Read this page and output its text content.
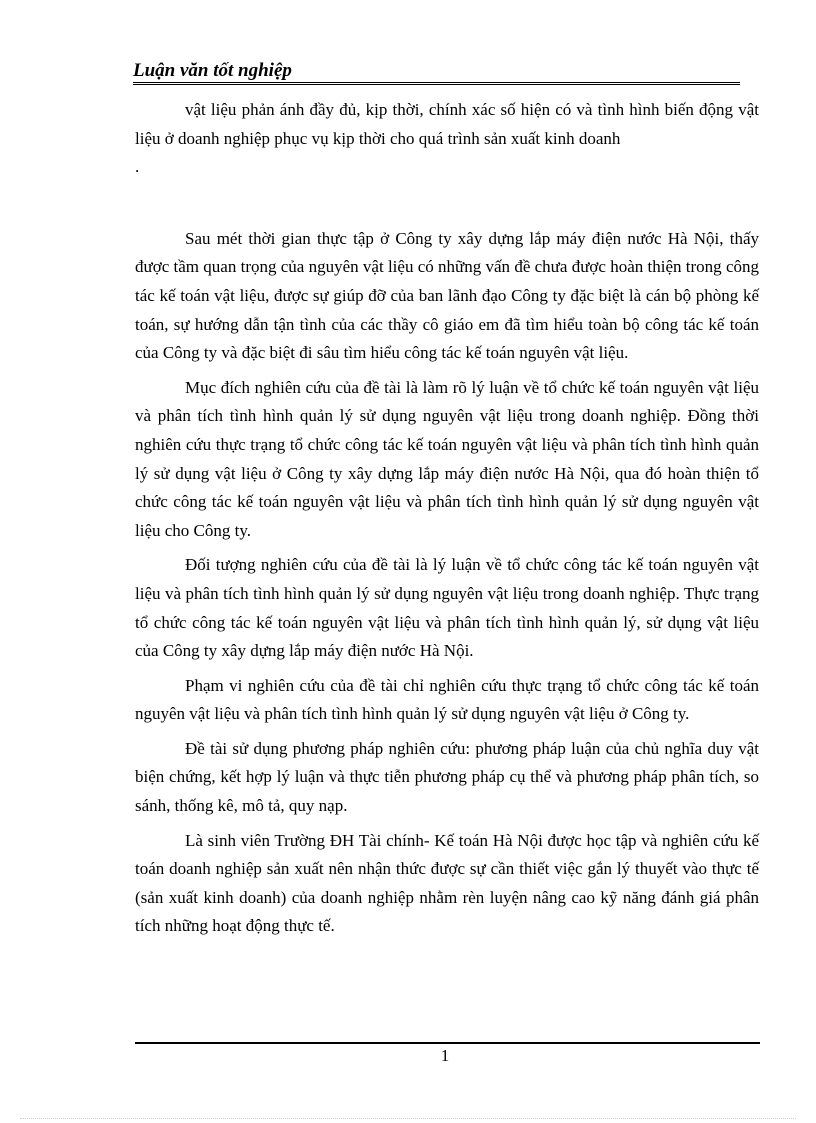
Luận văn tốt nghiệp

vật liệu phản ánh đầy đủ, kịp thời, chính xác số hiện có và tình hình biến động vật liệu ở doanh nghiệp phục vụ kịp thời cho quá trình sản xuất kinh doanh

.

Sau mét thời gian thực tập ở Công ty xây dựng lắp máy điện nước Hà Nội, thấy được tầm quan trọng của nguyên vật liệu có những vấn đề chưa được hoàn thiện trong công tác kế toán vật liệu, được sự giúp đỡ của ban lãnh đạo Công ty đặc biệt là cán bộ phòng kế toán, sự hướng dẫn tận tình của các thầy cô giáo em đã tìm hiểu toàn bộ công tác kế toán của Công ty và đặc biệt đi sâu tìm hiểu công tác kế toán nguyên vật liệu.

Mục đích nghiên cứu của đề tài là làm rõ lý luận về tổ chức kế toán nguyên vật liệu và phân tích tình hình quản lý sử dụng nguyên vật liệu trong doanh nghiệp. Đồng thời nghiên cứu thực trạng tổ chức công tác kế toán nguyên vật liệu và phân tích tình hình quản lý sử dụng vật liệu ở Công ty xây dựng lắp máy điện nước Hà Nội, qua đó hoàn thiện tổ chức công tác kế toán nguyên vật liệu và phân tích tình hình quản lý sử dụng nguyên vật liệu cho Công ty.

Đối tượng nghiên cứu của đề tài là lý luận về tổ chức công tác kế toán nguyên vật liệu và phân tích tình hình quản lý sử dụng nguyên vật liệu trong doanh nghiệp. Thực trạng tổ chức công tác kế toán nguyên vật liệu và phân tích tình hình quản lý, sử dụng vật liệu của Công ty xây dựng lắp máy điện nước Hà Nội.

Phạm vi nghiên cứu của đề tài chỉ nghiên cứu thực trạng tổ chức công tác kế toán nguyên vật liệu và phân tích tình hình quản lý sử dụng nguyên vật liệu ở Công ty.

Đề tài sử dụng phương pháp nghiên cứu: phương pháp luận của chủ nghĩa duy vật biện chứng, kết hợp lý luận và thực tiễn phương pháp cụ thể và phương pháp phân tích, so sánh, thống kê, mô tả, quy nạp.

Là sinh viên Trường ĐH Tài chính- Kế toán Hà Nội được học tập và nghiên cứu kế toán doanh nghiệp sản xuất nên nhận thức được sự cần thiết việc gắn lý thuyết vào thực tế (sản xuất kinh doanh) của doanh nghiệp nhằm rèn luyện nâng cao kỹ năng đánh giá phân tích những hoạt động thực tế.

1
